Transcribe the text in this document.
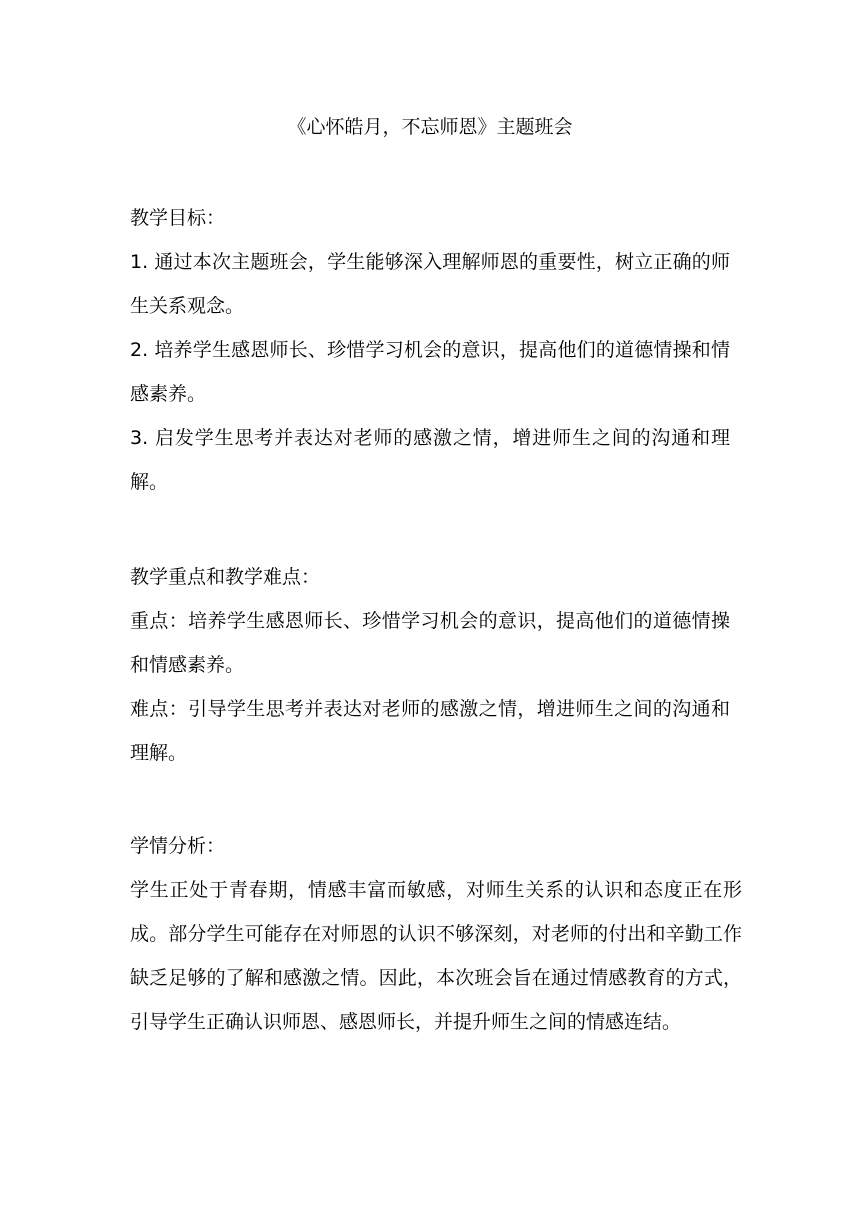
《心怀皓月，不忘师恩》主题班会

教学目标：

1. 通过本次主题班会，学生能够深入理解师恩的重要性，树立正确的师生关系观念。

2. 培养学生感恩师长、珍惜学习机会的意识，提高他们的道德情操和情感素养。

3. 启发学生思考并表达对老师的感激之情，增进师生之间的沟通和理解。

教学重点和教学难点：

重点：培养学生感恩师长、珍惜学习机会的意识，提高他们的道德情操和情感素养。

难点：引导学生思考并表达对老师的感激之情，增进师生之间的沟通和理解。

学情分析：

学生正处于青春期，情感丰富而敏感，对师生关系的认识和态度正在形成。部分学生可能存在对师恩的认识不够深刻，对老师的付出和辛勤工作缺乏足够的了解和感激之情。因此，本次班会旨在通过情感教育的方式，引导学生正确认识师恩、感恩师长，并提升师生之间的情感连结。
